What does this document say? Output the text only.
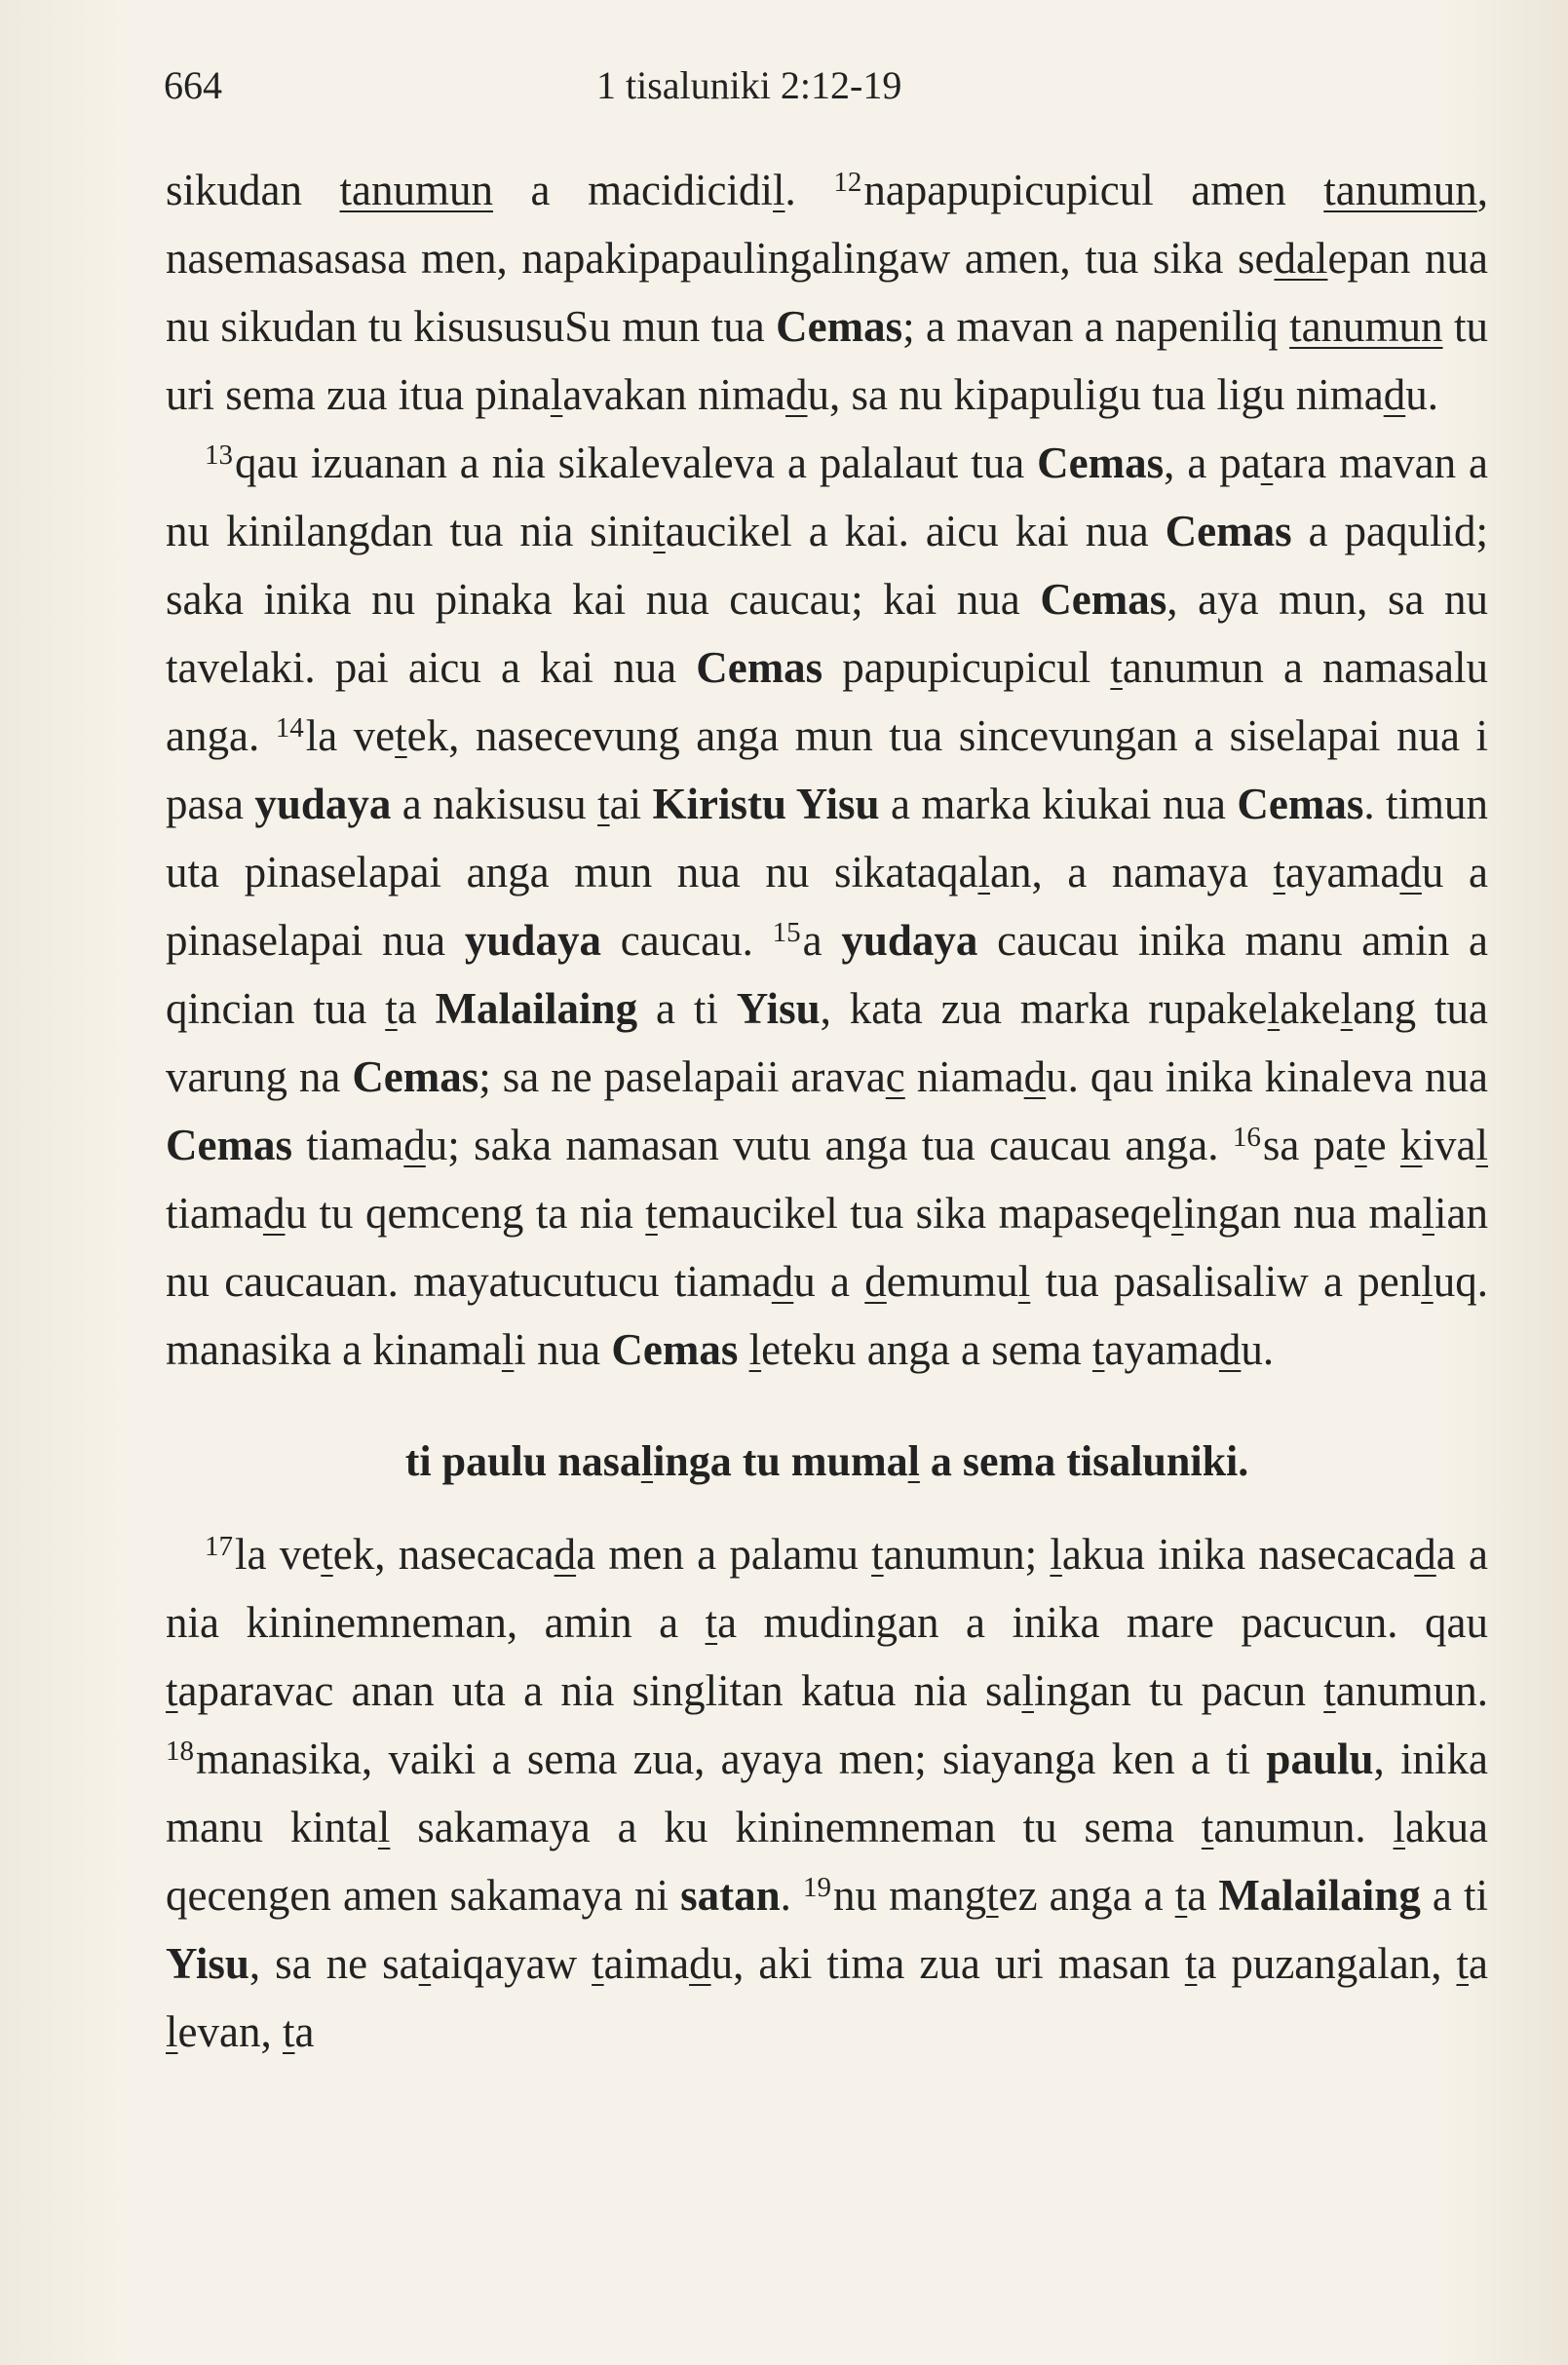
664	1 tisaluniki 2:12-19

sikudan tanumun a macidicidil. $^{12}$napapupicupicul amen tanumun, nasemasasasa men, napakipapaulingalingaw amen, tua sika sedalepan nua nu sikudan tu kisususuSu mun tua Cemas; a mavan a napeniliq tanumun tu uri sema zua itua pinalavakan nimadu, sa nu kipapuligu tua ligu nimadu.

$^{13}$qau izuanan a nia sikalevaleva a palalaut tua Cemas, a patara mavan a nu kinilangdan tua nia sinitaucikel a kai. aicu kai nua Cemas a paqulid; saka inika nu pinaka kai nua caucau; kai nua Cemas, aya mun, sa nu tavelaki. pai aicu a kai nua Cemas papupicupicul tanumun a namasalu anga. $^{14}$la vetek, nasecevung anga mun tua sincevungan a siselapai nua i pasa yudaya a nakisusu tai Kiristu Yisu a marka kiukai nua Cemas. timun uta pinaselapai anga mun nua nu sikataqalan, a namaya tayamadu a pinaselapai nua yudaya caucau. $^{15}$a yudaya caucau inika manu amin a qincian tua ta Malailaing a ti Yisu, kata zua marka rupakelakelang tua varung na Cemas; sa ne paselapaii aravac niamadu. qau inika kinaleva nua Cemas tiamadu; saka namasan vutu anga tua caucau anga. $^{16}$sa pate kival tiamadu tu qemceng ta nia temaucikel tua sika mapaseqelingan nua malian nu caucauan. mayatucutucu tiamadu a demumul tua pasalisaliw a penluq. manasika a kinamali nua Cemas leteku anga a sema tayamadu.

ti paulu nasalinga tu mumal a sema tisaluniki.

$^{17}$la vetek, nasecacada men a palamu tanumun; lakua inika nasecacada a nia kininemneman, amin a ta mudingan a inika mare pacucun. qau taparavac anan uta a nia singlitan katua nia salingan tu pacun tanumun. $^{18}$manasika, vaiki a sema zua, ayaya men; siayanga ken a ti paulu, inika manu kintal sakamaya a ku kininemneman tu sema tanumun. lakua qecengen amen sakamaya ni satan. $^{19}$nu mangtez anga a ta Malailaing a ti Yisu, sa ne sataiqayaw taimadu, aki tima zua uri masan ta puzangalan, ta levan, ta
